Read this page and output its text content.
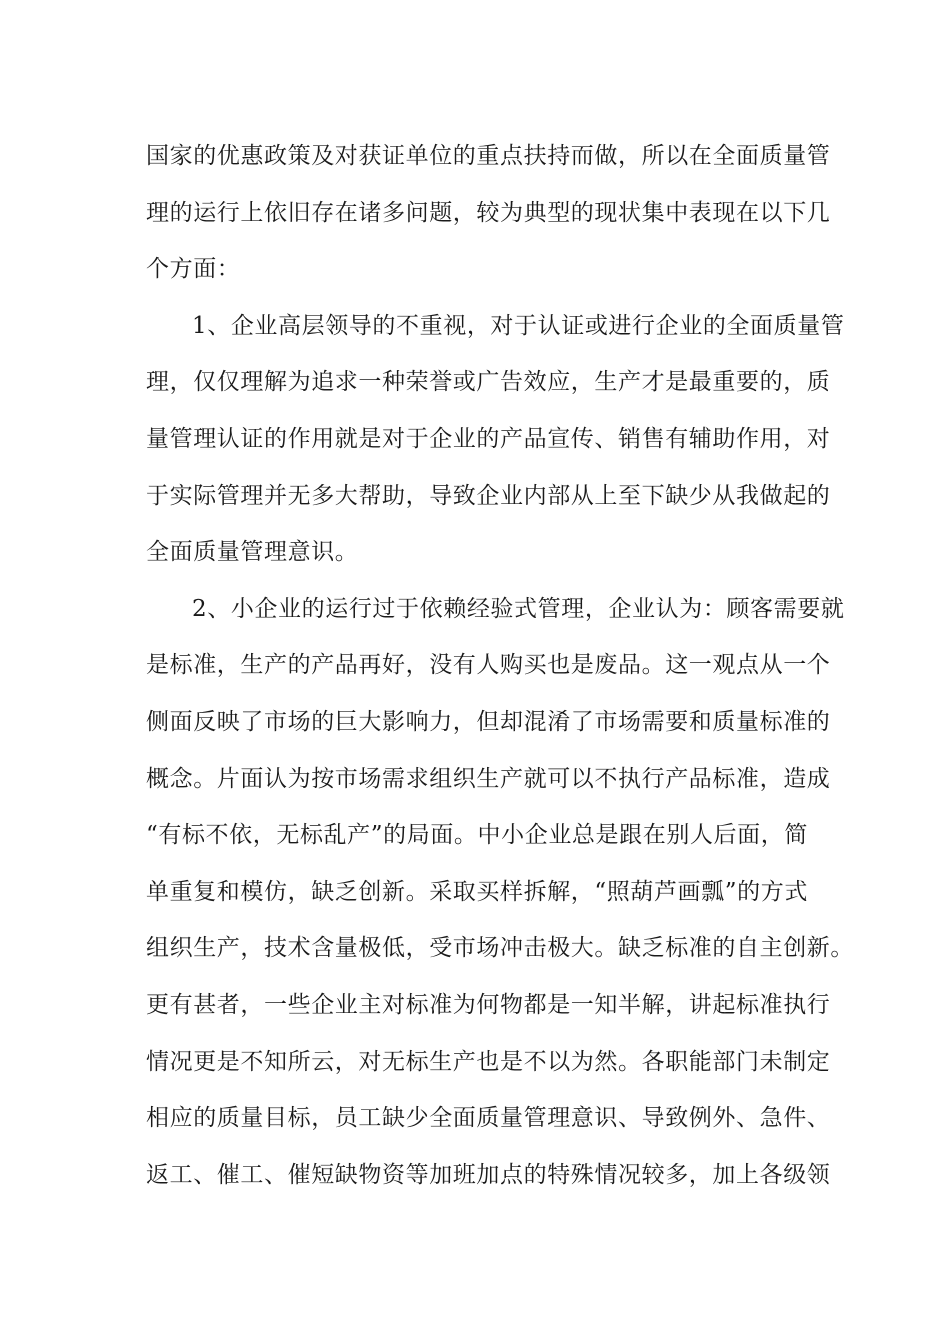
国家的优惠政策及对获证单位的重点扶持而做，所以在全面质量管
理的运行上依旧存在诸多问题，较为典型的现状集中表现在以下几
个方面：
1、企业高层领导的不重视，对于认证或进行企业的全面质量管
理，仅仅理解为追求一种荣誉或广告效应，生产才是最重要的，质
量管理认证的作用就是对于企业的产品宣传、销售有辅助作用，对
于实际管理并无多大帮助，导致企业内部从上至下缺少从我做起的
全面质量管理意识。
2、小企业的运行过于依赖经验式管理，企业认为：顾客需要就
是标准，生产的产品再好，没有人购买也是废品。这一观点从一个
侧面反映了市场的巨大影响力，但却混淆了市场需要和质量标准的
概念。片面认为按市场需求组织生产就可以不执行产品标准，造成
“有标不依，无标乱产”的局面。中小企业总是跟在别人后面，简
单重复和模仿，缺乏创新。采取买样拆解，“照葫芦画瓢”的方式
组织生产，技术含量极低，受市场冲击极大。缺乏标准的自主创新。
更有甚者，一些企业主对标准为何物都是一知半解，讲起标准执行
情况更是不知所云，对无标生产也是不以为然。各职能部门未制定
相应的质量目标，员工缺少全面质量管理意识、导致例外、急件、
返工、催工、催短缺物资等加班加点的特殊情况较多，加上各级领
